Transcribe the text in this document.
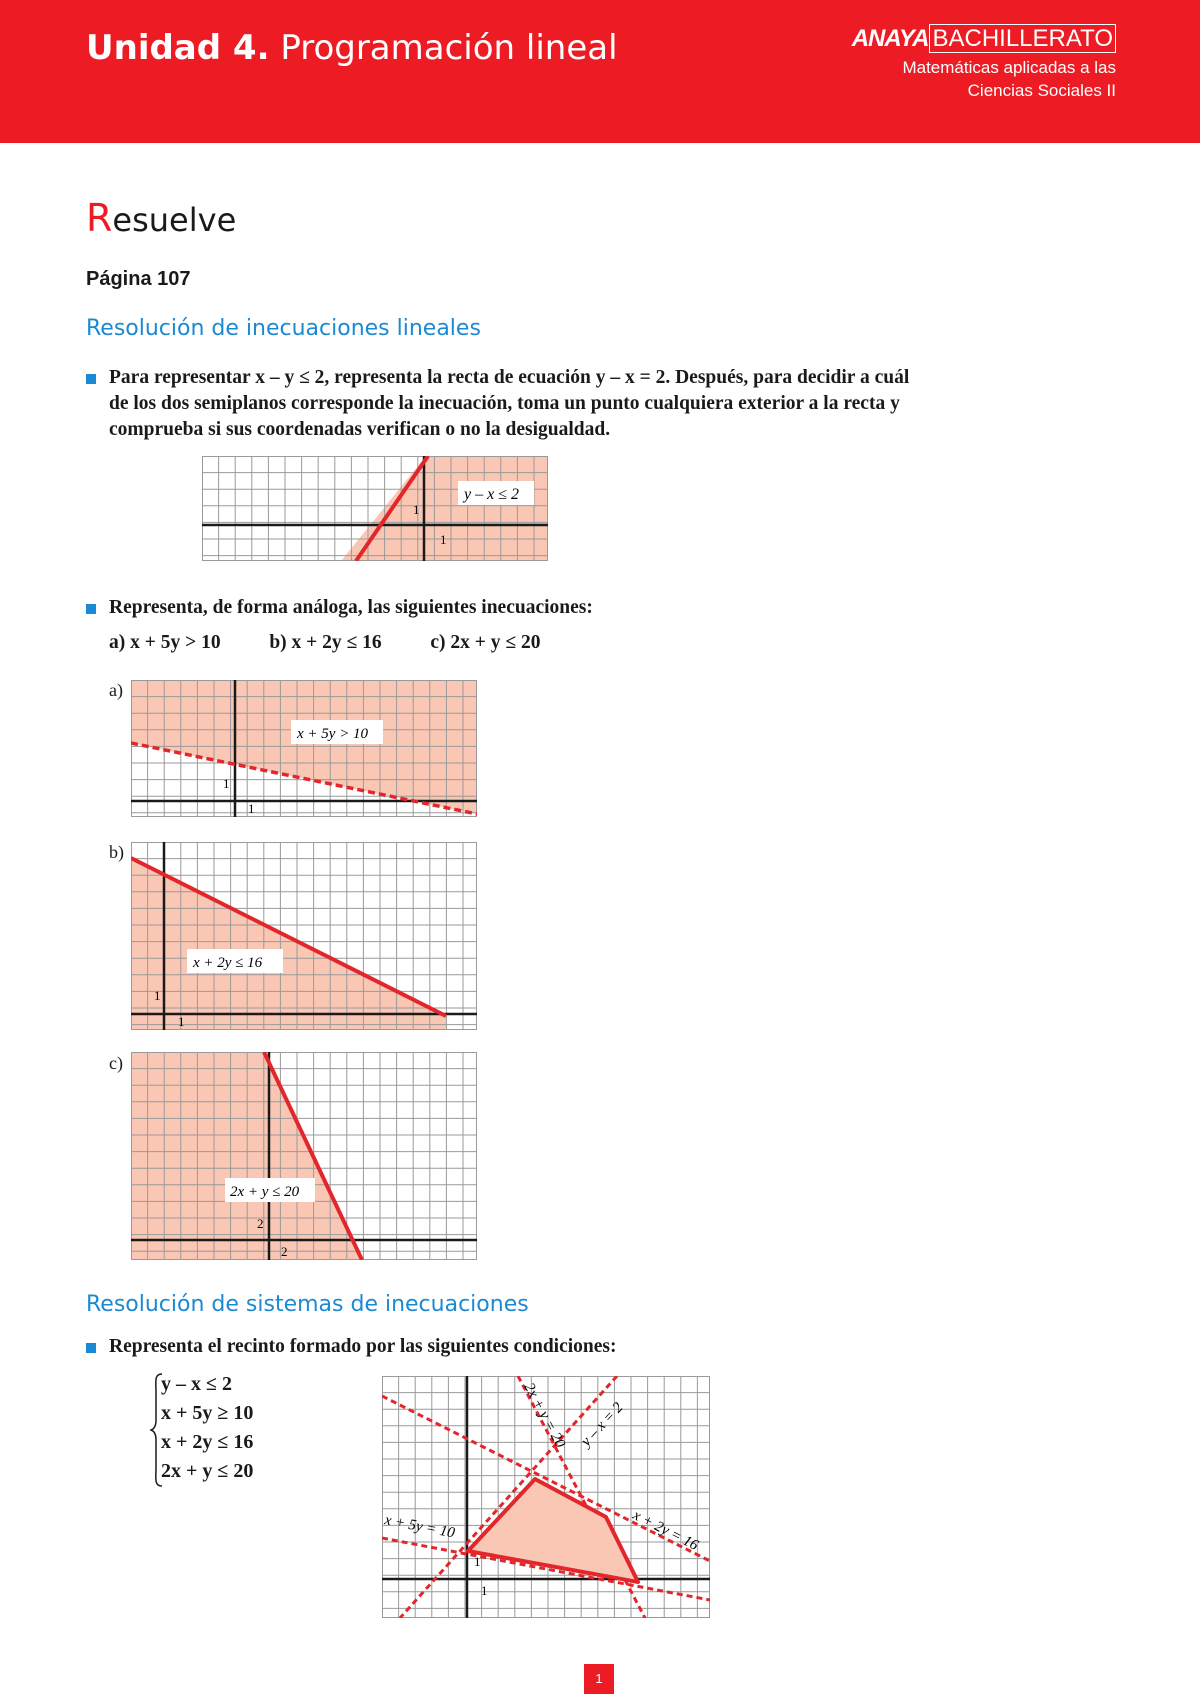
Unidad 4. Programación lineal	ANAYA BACHILLERATO
Matemáticas aplicadas a las
Ciencias Sociales II
Resuelve
Página 107
Resolución de inecuaciones lineales
Para representar x – y ≤ 2, representa la recta de ecuación y – x = 2. Después, para decidir a cuál
de los dos semiplanos corresponde la inecuación, toma un punto cualquiera exterior a la recta y
comprueba si sus coordenadas verifican o no la desigualdad.
y – x ≤ 2
1
1
Representa, de forma análoga, las siguientes inecuaciones:
a) x + 5y > 10          b) x + 2y ≤ 16          c) 2x + y ≤ 20
a)
x + 5y > 10
1
1
b)
x + 2y ≤ 16
1
1
c)
2x + y ≤ 20
2
2
Resolución de sistemas de inecuaciones
Representa el recinto formado por las siguientes condiciones:
y – x ≤ 2
x + 5y ≥ 10
x + 2y ≤ 16
2x + y ≤ 20
2x + y = 20 y – x = 2
x + 5y = 10	x + 2y = 16
1
1
1
